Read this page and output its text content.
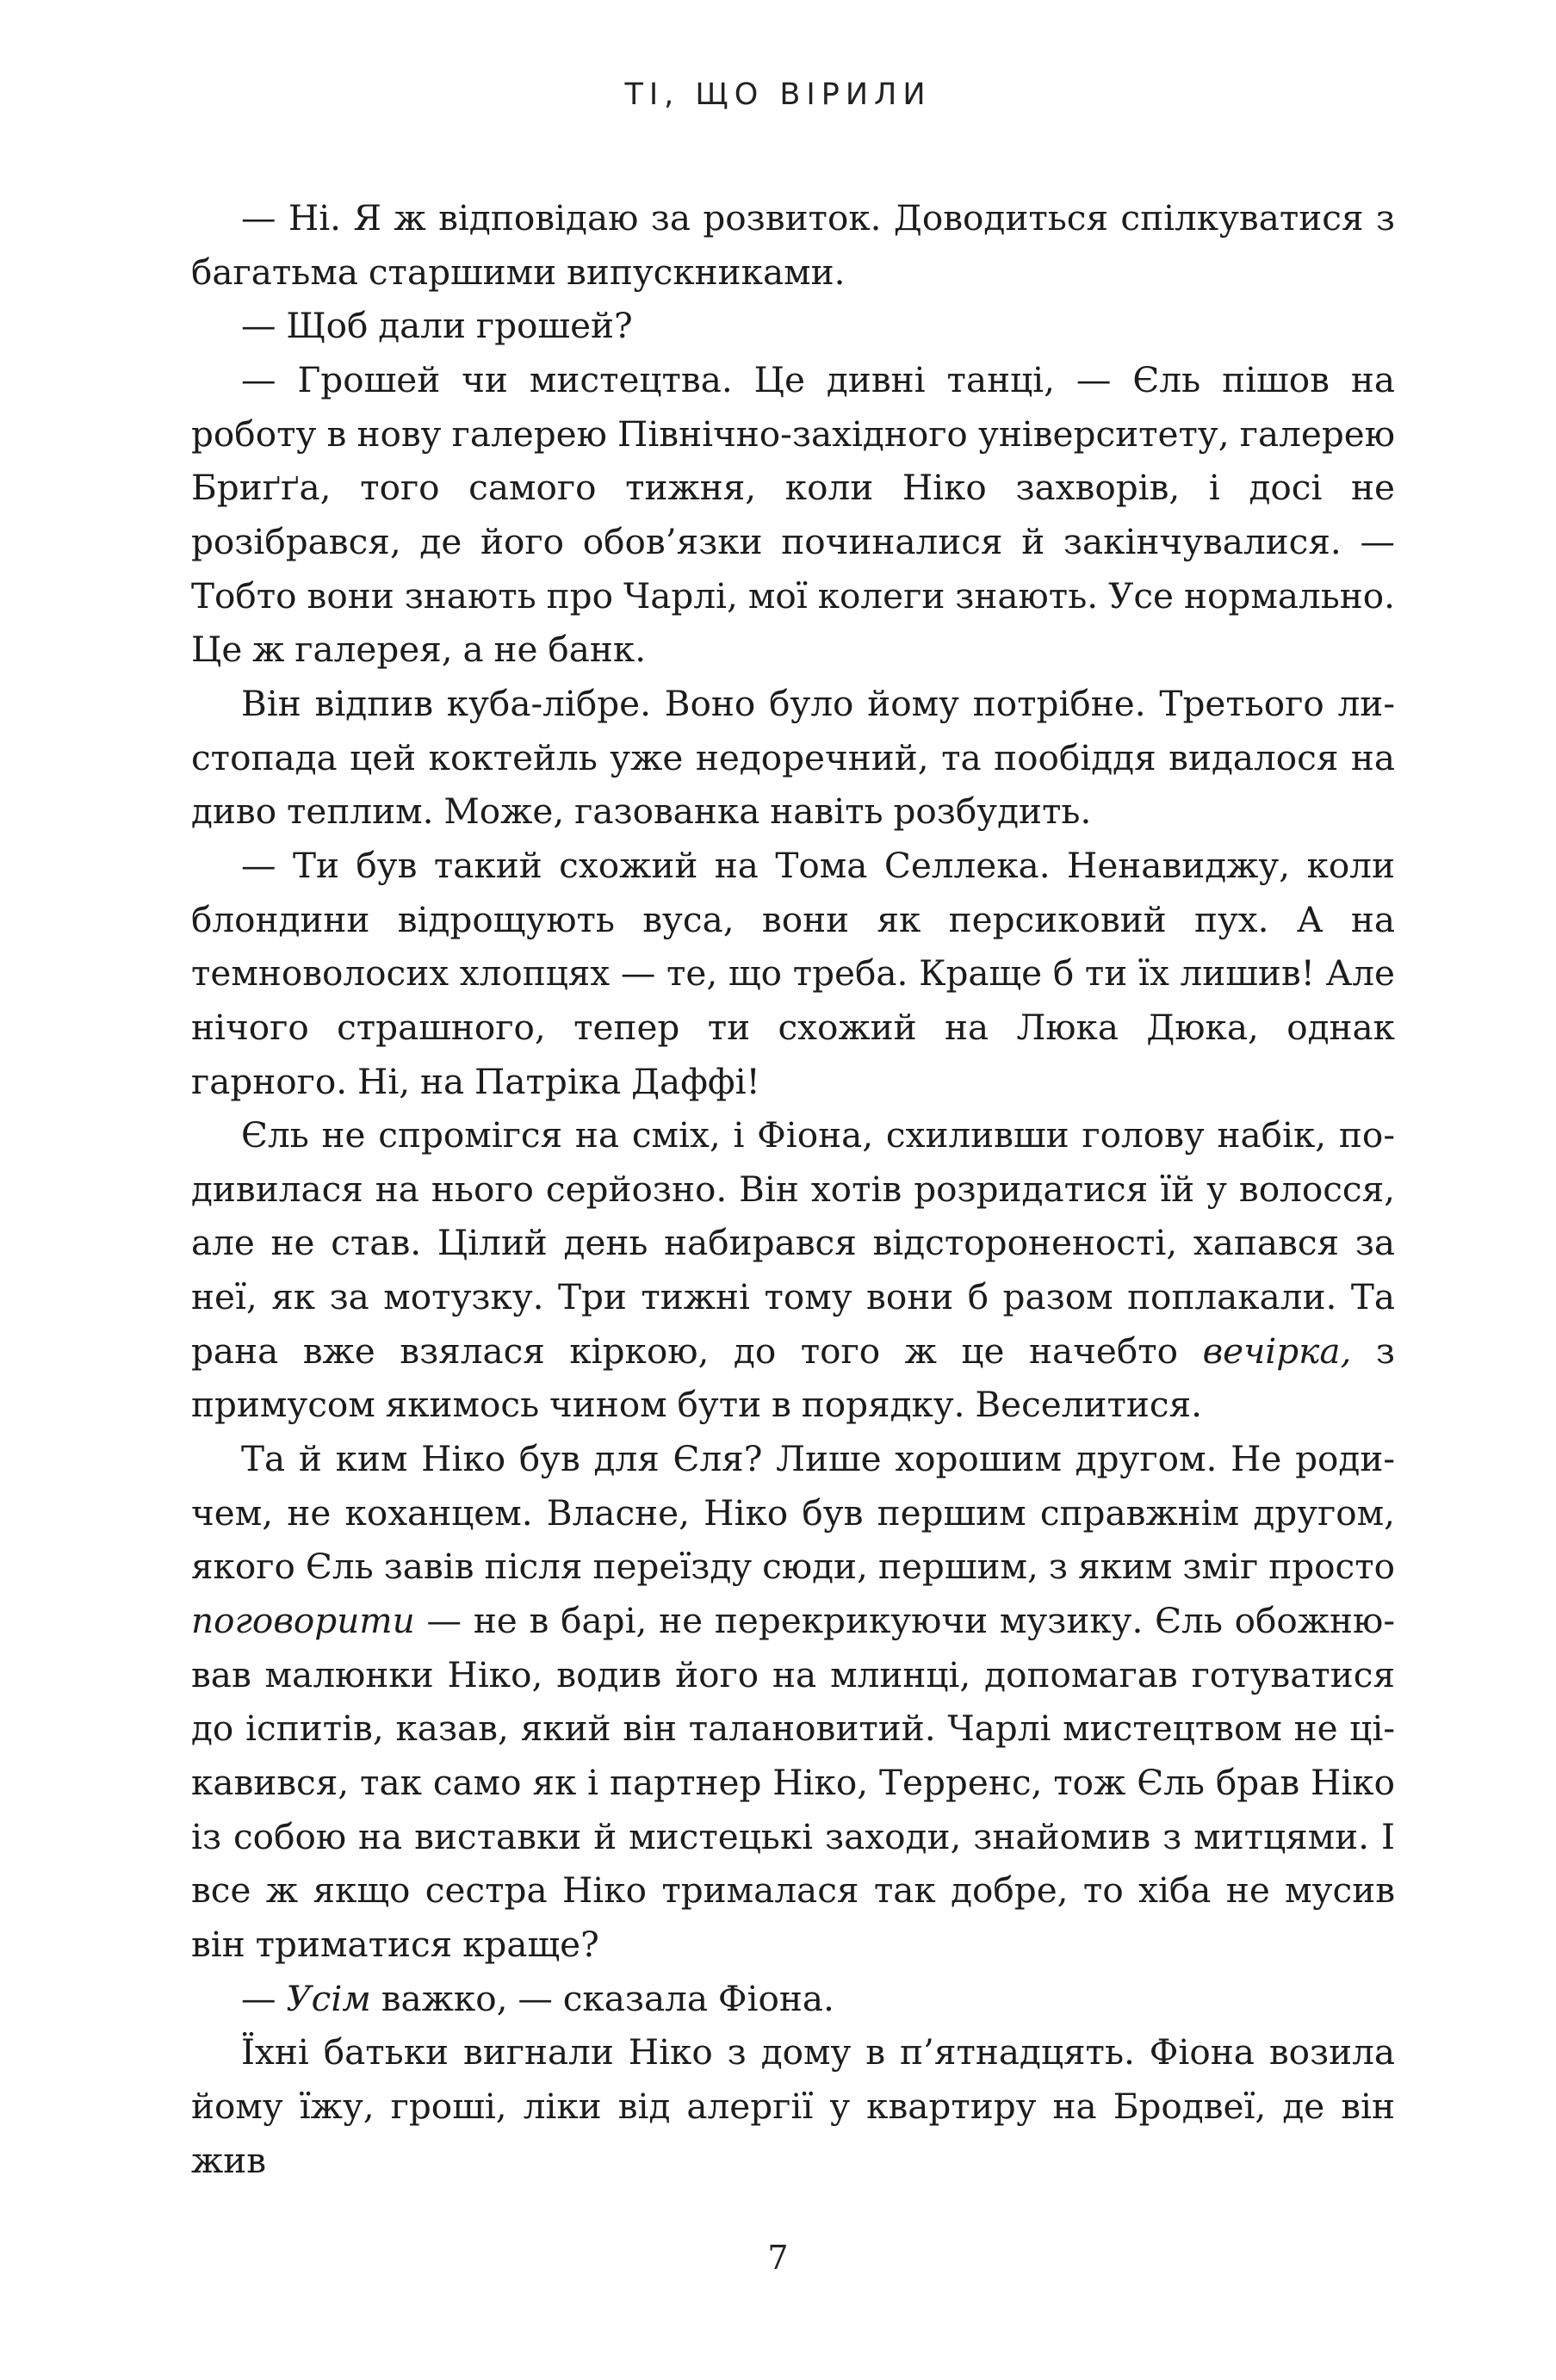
ТІ, ЩО ВІРИЛИ

— Ні. Я ж відповідаю за розвиток. Доводиться спілкуватися з багатьма старшими випускниками.

— Щоб дали грошей?

— Грошей чи мистецтва. Це дивні танці, — Єль пішов на роботу в нову галерею Північно-західного університету, галерею Бриґґа, того самого тижня, коли Ніко захворів, і досі не розібрався, де його обов’язки починалися й закінчувалися. — Тобто вони знають про Чарлі, мої колеги знають. Усе нормально. Це ж галерея, а не банк.

Він відпив куба-лібре. Воно було йому потрібне. Третього листопада цей коктейль уже недоречний, та пообіддя видалося на диво теплим. Може, газованка навіть розбудить.

— Ти був такий схожий на Тома Селлека. Ненавиджу, коли блондини відрощують вуса, вони як персиковий пух. А на темноволосих хлопцях — те, що треба. Краще б ти їх лишив! Але нічого страшного, тепер ти схожий на Люка Дюка, однак гарного. Ні, на Патріка Даффі!

Єль не спромігся на сміх, і Фіона, схиливши голову набік, подивилася на нього серйозно. Він хотів розридатися їй у волосся, але не став. Цілий день набирався відстороненості, хапався за неї, як за мотузку. Три тижні тому вони б разом поплакали. Та рана вже взялася кіркою, до того ж це начебто вечірка, з примусом якимось чином бути в порядку. Веселитися.

Та й ким Ніко був для Єля? Лише хорошим другом. Не родичем, не коханцем. Власне, Ніко був першим справжнім другом, якого Єль завів після переїзду сюди, першим, з яким зміг просто поговорити — не в барі, не перекрикуючи музику. Єль обожнював малюнки Ніко, водив його на млинці, допомагав готуватися до іспитів, казав, який він талановитий. Чарлі мистецтвом не цікавився, так само як і партнер Ніко, Терренс, тож Єль брав Ніко із собою на виставки й мистецькі заходи, знайомив з митцями. І все ж якщо сестра Ніко трималася так добре, то хіба не мусив він триматися краще?

— Усім важко, — сказала Фіона.

Їхні батьки вигнали Ніко з дому в п’ятнадцять. Фіона возила йому їжу, гроші, ліки від алергії у квартиру на Бродвеї, де він жив

7
